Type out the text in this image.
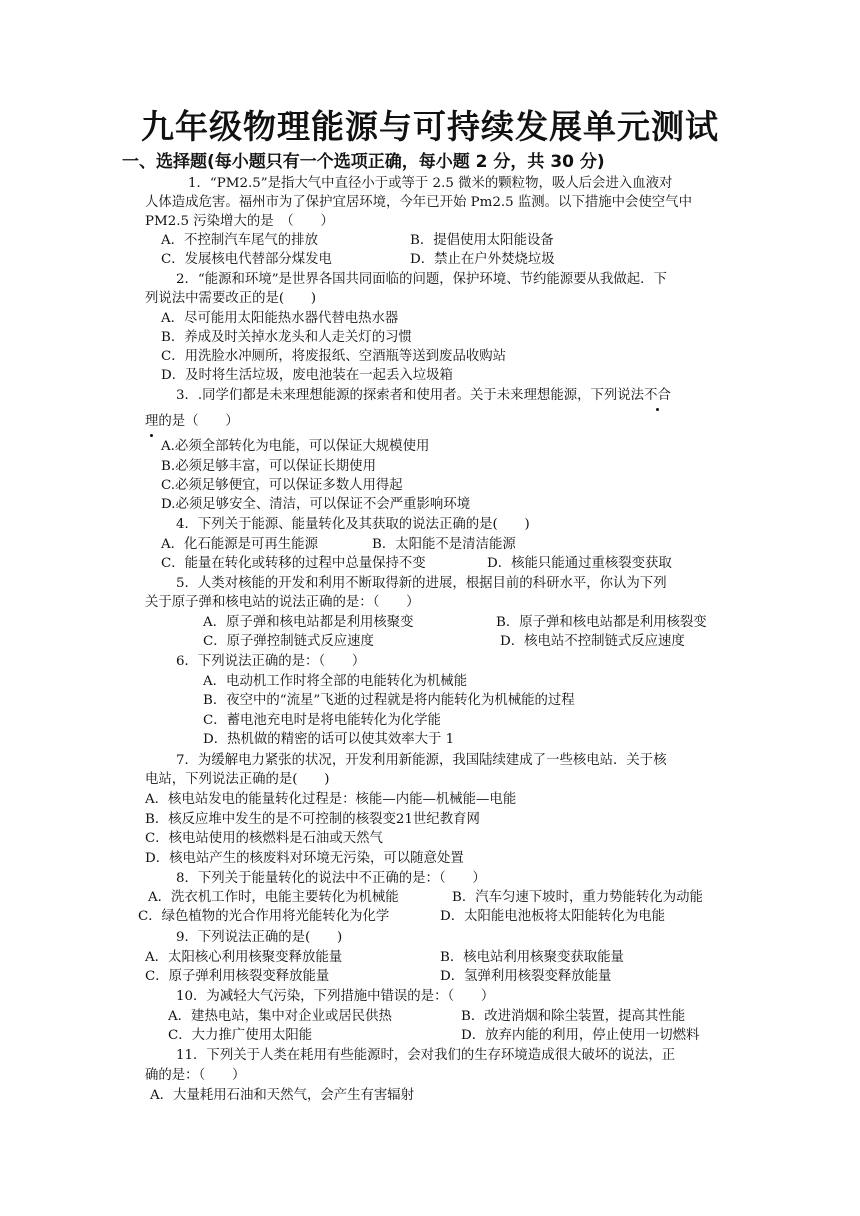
九年级物理能源与可持续发展单元测试
一、选择题(每小题只有一个选项正确，每小题 2 分，共 30 分)
1．“PM2.5”是指大气中直径小于或等于 2.5 微米的颗粒物，吸人后会进入血液对
人体造成危害。福州市为了保护宜居环境，今年已开始 Pm2.5 监测。以下措施中会使空气中
PM2.5 污染增大的是　（　　）
A．不控制汽车尾气的排放	B．提倡使用太阳能设备
C．发展核电代替部分煤发电	D．禁止在户外焚烧垃圾
2．“能源和环境”是世界各国共同面临的问题，保护环境、节约能源要从我做起．下
列说法中需要改正的是(　　)
A．尽可能用太阳能热水器代替电热水器
B．养成及时关掉水龙头和人走关灯的习惯
C．用洗脸水冲厕所，将废报纸、空酒瓶等送到废品收购站
D．及时将生活垃圾，废电池装在一起丢入垃圾箱
3．.同学们都是未来理想能源的探索者和使用者。关于未来理想能源，下列说法不合
理的是（　　）
A.必须全部转化为电能，可以保证大规模使用
B.必须足够丰富，可以保证长期使用
C.必须足够便宜，可以保证多数人用得起
D.必须足够安全、清洁，可以保证不会严重影响环境
4．下列关于能源、能量转化及其获取的说法正确的是(　　)
A．化石能源是可再生能源	B．太阳能不是清洁能源
C．能量在转化或转移的过程中总量保持不变	D．核能只能通过重核裂变获取
5．人类对核能的开发和利用不断取得新的进展，根据目前的科研水平，你认为下列
关于原子弹和核电站的说法正确的是：（　　）
A．原子弹和核电站都是利用核聚变	B．原子弹和核电站都是利用核裂变
C．原子弹控制链式反应速度	D．核电站不控制链式反应速度
6．下列说法正确的是：（　　）
A．电动机工作时将全部的电能转化为机械能
B．夜空中的“流星”飞逝的过程就是将内能转化为机械能的过程
C．蓄电池充电时是将电能转化为化学能
D．热机做的精密的话可以使其效率大于 1
7．为缓解电力紧张的状况，开发利用新能源，我国陆续建成了一些核电站．关于核
电站，下列说法正确的是(　　)
A．核电站发电的能量转化过程是：核能—内能—机械能—电能
B．核反应堆中发生的是不可控制的核裂变21世纪教育网
C．核电站使用的核燃料是石油或天然气
D．核电站产生的核废料对环境无污染，可以随意处置
8．下列关于能量转化的说法中不正确的是：（　　）
A．洗衣机工作时，电能主要转化为机械能	B．汽车匀速下坡时，重力势能转化为动能
C．绿色植物的光合作用将光能转化为化学	D．太阳能电池板将太阳能转化为电能
9．下列说法正确的是(　　)
A．太阳核心利用核聚变释放能量	B．核电站利用核聚变获取能量
C．原子弹利用核裂变释放能量	D．氢弹利用核裂变释放能量
10．为减轻大气污染，下列措施中错误的是：（　　）
A．建热电站，集中对企业或居民供热	B．改进消烟和除尘装置，提高其性能
C．大力推广使用太阳能	D．放弃内能的利用，停止使用一切燃料
11．下列关于人类在耗用有些能源时，会对我们的生存环境造成很大破坏的说法，正
确的是：（　　）
A．大量耗用石油和天然气，会产生有害辐射
